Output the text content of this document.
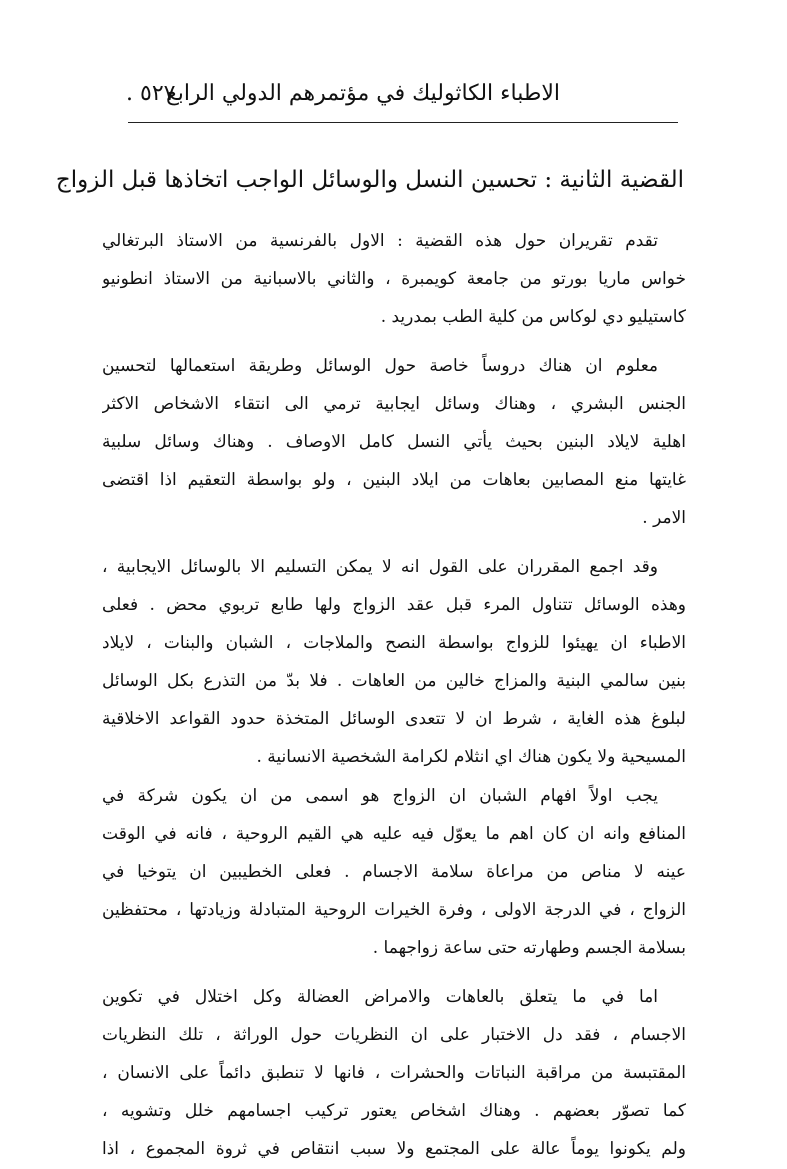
الاطباء الكاثوليك في مؤتمرهم الدولي الرابع
٥٢٧ .
القضية الثانية : تحسين النسل والوسائل الواجب اتخاذها قبل الزواج
تقدم تقريران حول هذه القضية : الاول بالفرنسية من الاستاذ البرتغالي
خواس ماريا بورتو من جامعة كويمبرة ، والثاني بالاسبانية من الاستاذ انطونيو
كاستيليو دي لوكاس من كلية الطب بمدريد .
معلوم ان هناك دروساً خاصة حول الوسائل وطريقة استعمالها لتحسين
الجنس البشري ، وهناك وسائل ايجابية ترمي الى انتقاء الاشخاص الاكثر
اهلية لايلاد البنين بحيث يأتي النسل كامل الاوصاف . وهناك وسائل سلبية
غايتها منع المصابين بعاهات من ايلاد البنين ، ولو بواسطة التعقيم اذا اقتضى
الامر .
وقد اجمع المقرران على القول انه لا يمكن التسليم الا بالوسائل الايجابية ،
وهذه الوسائل تتناول المرء قبل عقد الزواج ولها طابع تربوي محض . فعلى
الاطباء ان يهيئوا للزواج بواسطة النصح والملاجات ، الشبان والبنات ، لايلاد
بنين سالمي البنية والمزاج خالين من العاهات . فلا بدّ من التذرع بكل الوسائل
لبلوغ هذه الغاية ، شرط ان لا تتعدى الوسائل المتخذة حدود القواعد الاخلاقية
المسيحية ولا يكون هناك اي انثلام لكرامة الشخصية الانسانية .
يجب اولاً افهام الشبان ان الزواج هو اسمى من ان يكون شركة في
المنافع وانه ان كان اهم ما يعوّل فيه عليه هي القيم الروحية ، فانه في الوقت
عينه لا مناص من مراعاة سلامة الاجسام . فعلى الخطيبين ان يتوخيا في
الزواج ، في الدرجة الاولى ، وفرة الخيرات الروحية المتبادلة وزيادتها ، محتفظين
بسلامة الجسم وطهارته حتى ساعة زواجهما .
اما في ما يتعلق بالعاهات والامراض العضالة وكل اختلال في تكوين
الاجسام ، فقد دل الاختبار على ان النظريات حول الوراثة ، تلك النظريات
المقتبسة من مراقبة النباتات والحشرات ، فانها لا تنطبق دائماً على الانسان ،
كما تصوّر بعضهم . وهناك اشخاص يعتور تركيب اجسامهم خلل وتشويه ،
ولم يكونوا يوماً عالة على المجتمع ولا سبب انتقاص في ثروة المجموع ، اذا
